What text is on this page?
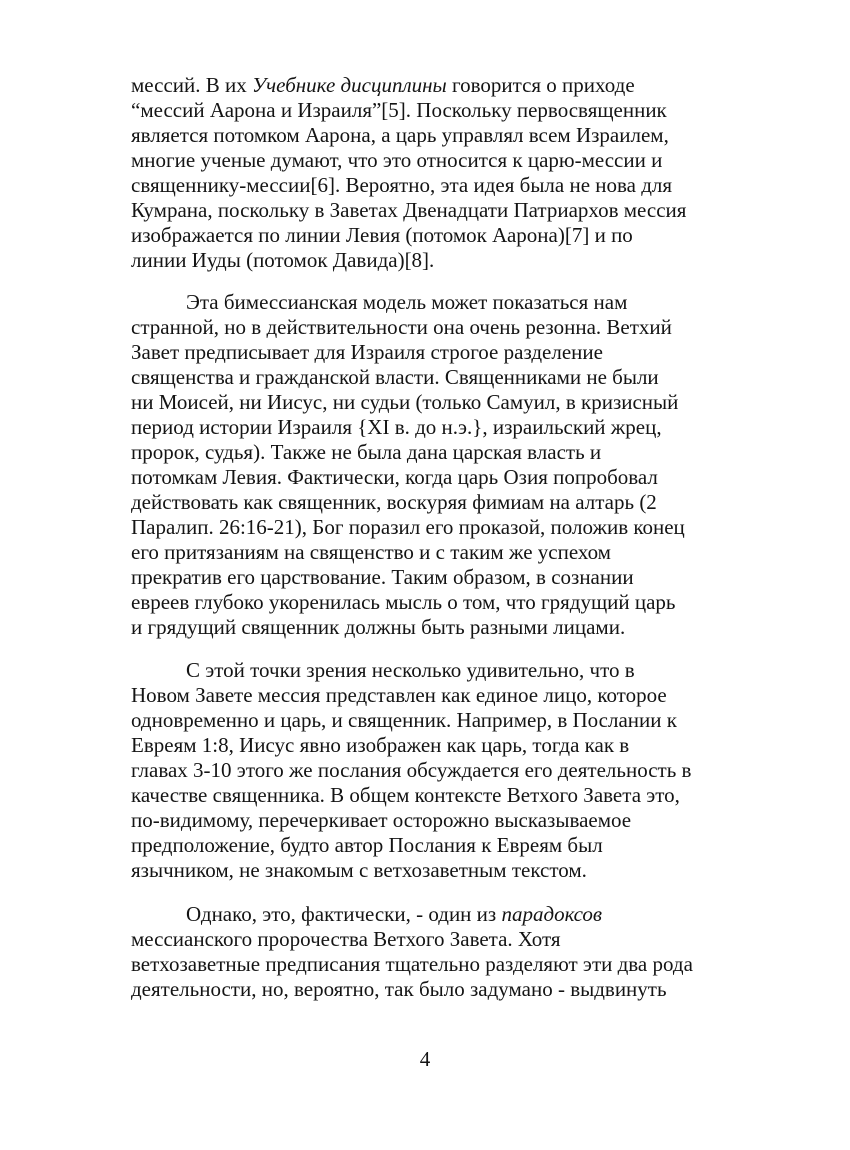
мессий. В их Учебнике дисциплины говорится о приходе
“мессий Аарона и Израиля”[5]. Поскольку первосвященник
является потомком Аарона, а царь управлял всем Израилем,
многие ученые думают, что это относится к царю-мессии и
священнику-мессии[6]. Вероятно, эта идея была не нова для
Кумрана, поскольку в Заветах Двенадцати Патриархов мессия
изображается по линии Левия (потомок Аарона)[7] и по
линии Иуды (потомок Давида)[8].
Эта бимессианская модель может показаться нам
странной, но в действительности она очень резонна. Ветхий
Завет предписывает для Израиля строгое разделение
священства и гражданской власти. Священниками не были
ни Моисей, ни Иисус, ни судьи (только Самуил, в кризисный
период истории Израиля {XI в. до н.э.}, израильский жрец,
пророк, судья). Также не была дана царская власть и
потомкам Левия. Фактически, когда царь Озия попробовал
действовать как священник, воскуряя фимиам на алтарь (2
Паралип. 26:16-21), Бог поразил его проказой, положив конец
его притязаниям на священство и с таким же успехом
прекратив его царствование. Таким образом, в сознании
евреев глубоко укоренилась мысль о том, что грядущий царь
и грядущий священник должны быть разными лицами.
С этой точки зрения несколько удивительно, что в
Новом Завете мессия представлен как единое лицо, которое
одновременно и царь, и священник. Например, в Послании к
Евреям 1:8, Иисус явно изображен как царь, тогда как в
главах 3-10 этого же послания обсуждается его деятельность в
качестве священника. В общем контексте Ветхого Завета это,
по-видимому, перечеркивает осторожно высказываемое
предположение, будто автор Послания к Евреям был
язычником, не знакомым с ветхозаветным текстом.
Однако, это, фактически, - один из парадоксов
мессианского пророчества Ветхого Завета. Хотя
ветхозаветные предписания тщательно разделяют эти два рода
деятельности, но, вероятно, так было задумано - выдвинуть
4
